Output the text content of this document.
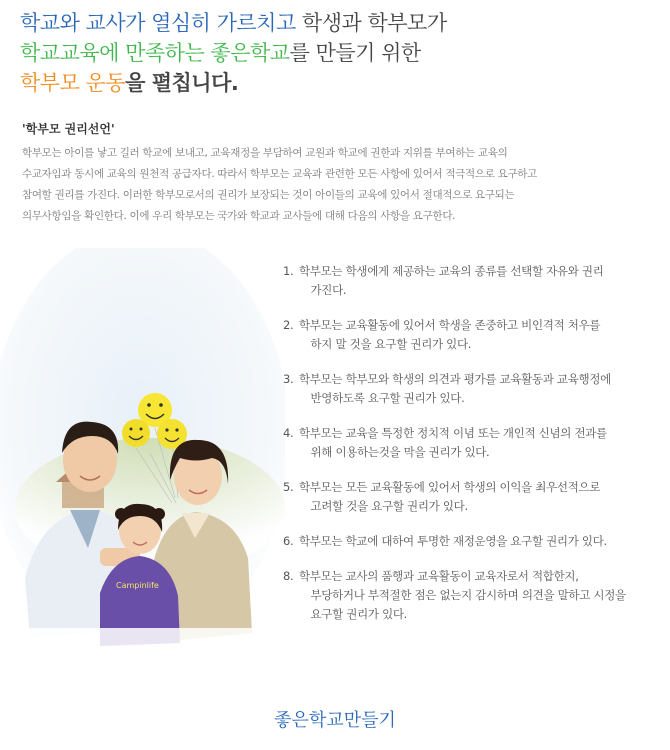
학교와 교사가 열심히 가르치고 학생과 학부모가
학교교육에 만족하는 좋은학교를 만들기 위한
학부모 운동을 펼칩니다.
'학부모 권리선언'
학부모는 아이를 낳고 길러 학교에 보내고, 교육재정을 부담하여 교원과 학교에 권한과 지위를 부여하는 교육의
수교자임과 동시에 교육의 원천적 공급자다. 따라서 학부모는 교육과 관련한 모든 사항에 있어서 적극적으로 요구하고
참여할 권리를 가진다. 이러한 학부모로서의 권리가 보장되는 것이 아이들의 교육에 있어서 절대적으로 요구되는
의무사항임을 확인한다. 이에 우리 학부모는 국가와 학교과 교사들에 대해 다음의 사항을 요구한다.
Campinlife
1. 학부모는 학생에게 제공하는 교육의 종류를 선택할 자유와 권리
가진다.
2. 학부모는 교육활동에 있어서 학생을 존중하고 비인격적 처우를
하지 말 것을 요구할 권리가 있다.
3. 학부모는 학부모와 학생의 의견과 평가를 교육활동과 교육행정에
반영하도록 요구할 권리가 있다.
4. 학부모는 교육을 특정한 정치적 이념 또는 개인적 신념의 전과를
위해 이용하는것을 막을 권리가 있다.
5. 학부모는 모든 교육활동에 있어서 학생의 이익을 최우선적으로
고려할 것을 요구할 권리가 있다.
6. 학부모는 학교에 대하여 투명한 재정운영을 요구할 권리가 있다.
8. 학부모는 교사의 품행과 교육활동이 교육자로서 적합한지,
부당하거나 부적절한 점은 없는지 감시하며 의견을 말하고 시정을
요구할 권리가 있다.
좋은학교만들기
